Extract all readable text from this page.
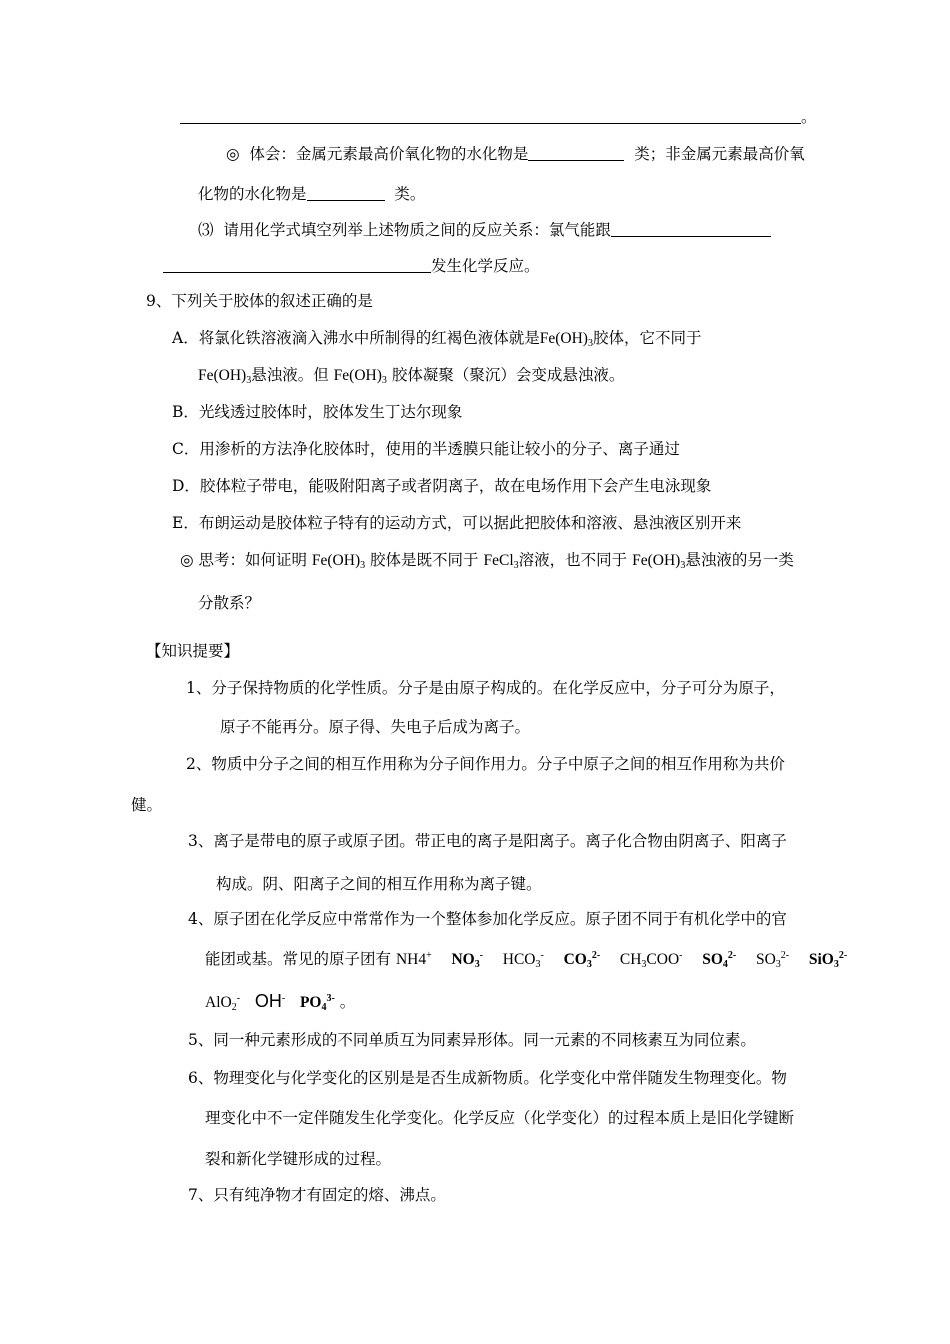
。
◎ 体会：金属元素最高价氧化物的水化物是	类；非金属元素最高价氧
化物的水化物是	类。
⑶ 请用化学式填空列举上述物质之间的反应关系：氯气能跟
发生化学反应。
9、下列关于胶体的叙述正确的是
A．将氯化铁溶液滴入沸水中所制得的红褐色液体就是$Fe(OH)_3$胶体，它不同于
$Fe(OH)_3$悬浊液。但 $Fe(OH)_3$ 胶体凝聚（聚沉）会变成悬浊液。
B．光线透过胶体时，胶体发生丁达尔现象
C．用渗析的方法净化胶体时，使用的半透膜只能让较小的分子、离子通过
D．胶体粒子带电，能吸附阳离子或者阴离子，故在电场作用下会产生电泳现象
E．布朗运动是胶体粒子特有的运动方式，可以据此把胶体和溶液、悬浊液区别开来
◎ 思考：如何证明 $Fe(OH)_3$ 胶体是既不同于 FeCl$_3$溶液，也不同于 $Fe(OH)_3$悬浊液的另一类
分散系？
【知识提要】
1、分子保持物质的化学性质。分子是由原子构成的。在化学反应中，分子可分为原子，
原子不能再分。原子得、失电子后成为离子。
2、物质中分子之间的相互作用称为分子间作用力。分子中原子之间的相互作用称为共价
健。
3、离子是带电的原子或原子团。带正电的离子是阳离子。离子化合物由阴离子、阳离子
构成。阴、阳离子之间的相互作用称为离子键。
4、原子团在化学反应中常常作为一个整体参加化学反应。原子团不同于有机化学中的官
能团或基。常见的原子团有 NH4+ $NO_3^-$ $HCO_3^-$ $CO_3^{2-}$ $CH_3COO^-$ $SO_4^{2-}$ $SO_3^{2-}$ SiO$_3^{2-}$
AlO$_2$- OH- $PO_4^{3-}$ 。
5、同一种元素形成的不同单质互为同素异形体。同一元素的不同核素互为同位素。
6、物理变化与化学变化的区别是是否生成新物质。化学变化中常伴随发生物理变化。物
理变化中不一定伴随发生化学变化。化学反应（化学变化）的过程本质上是旧化学键断
裂和新化学键形成的过程。
7、只有纯净物才有固定的熔、沸点。
